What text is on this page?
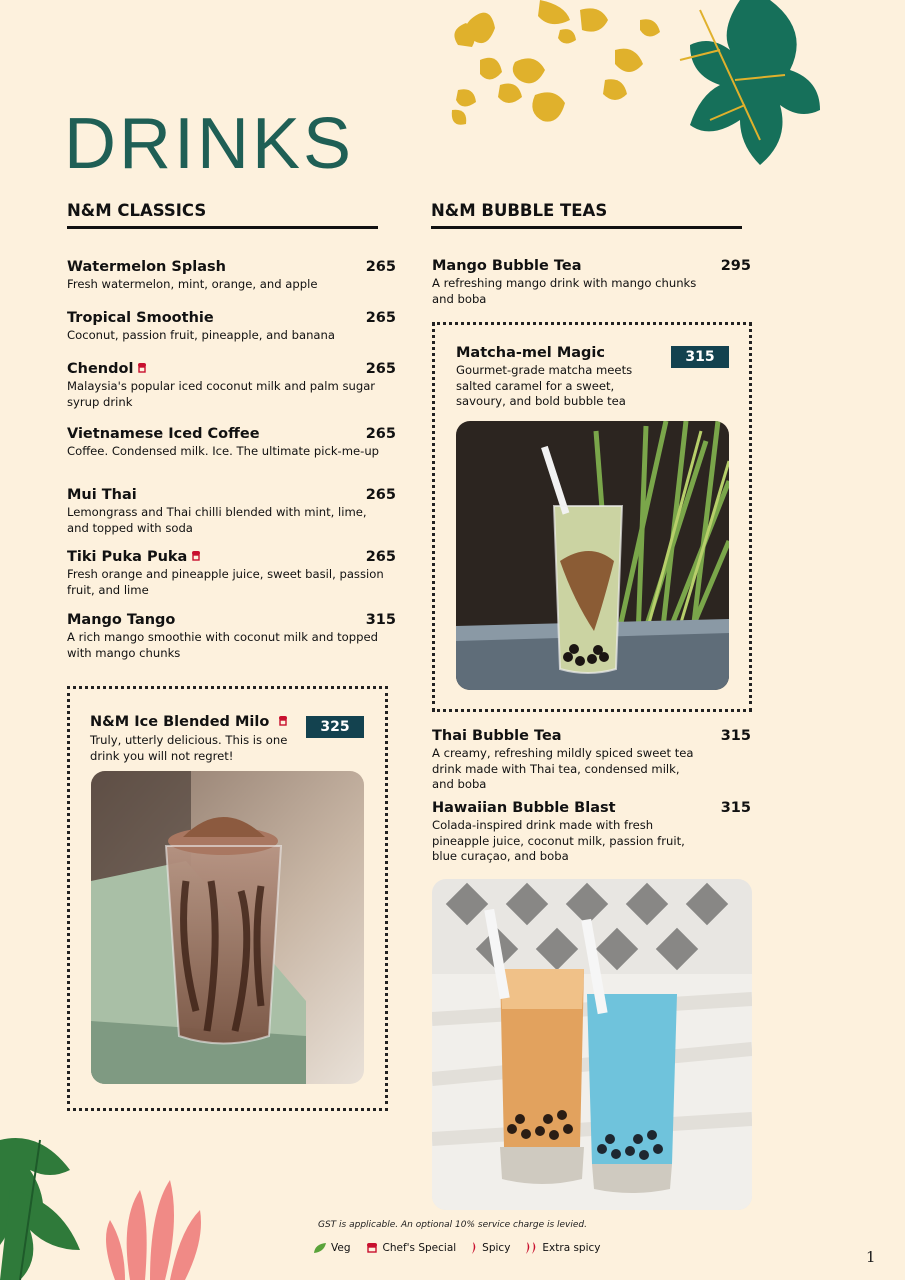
DRINKS
N&M CLASSICS
Watermelon Splash	265
Fresh watermelon, mint, orange, and apple
Tropical Smoothie	265
Coconut, passion fruit, pineapple, and banana
Chendol	265
Malaysia's popular iced coconut milk and palm sugar syrup drink
Vietnamese Iced Coffee	265
Coffee. Condensed milk. Ice. The ultimate pick-me-up
Mui Thai	265
Lemongrass and Thai chilli blended with mint, lime, and topped with soda
Tiki Puka Puka	265
Fresh orange and pineapple juice, sweet basil, passion fruit, and lime
Mango Tango	315
A rich mango smoothie with coconut milk and topped with mango chunks
N&M Ice Blended Milo	325
Truly, utterly delicious. This is one drink you will not regret!
N&M BUBBLE TEAS
Mango Bubble Tea	295
A refreshing mango drink with mango chunks and boba
Matcha-mel Magic	315
Gourmet-grade matcha meets salted caramel for a sweet, savoury, and bold bubble tea
Thai Bubble Tea	315
A creamy, refreshing mildly spiced sweet tea drink made with Thai tea, condensed milk, and boba
Hawaiian Bubble Blast	315
Colada-inspired drink made with fresh pineapple juice, coconut milk, passion fruit, blue curaçao, and boba
GST is applicable. An optional 10% service charge is levied.
Veg	Chef's Special Spicy	Extra spicy	1
